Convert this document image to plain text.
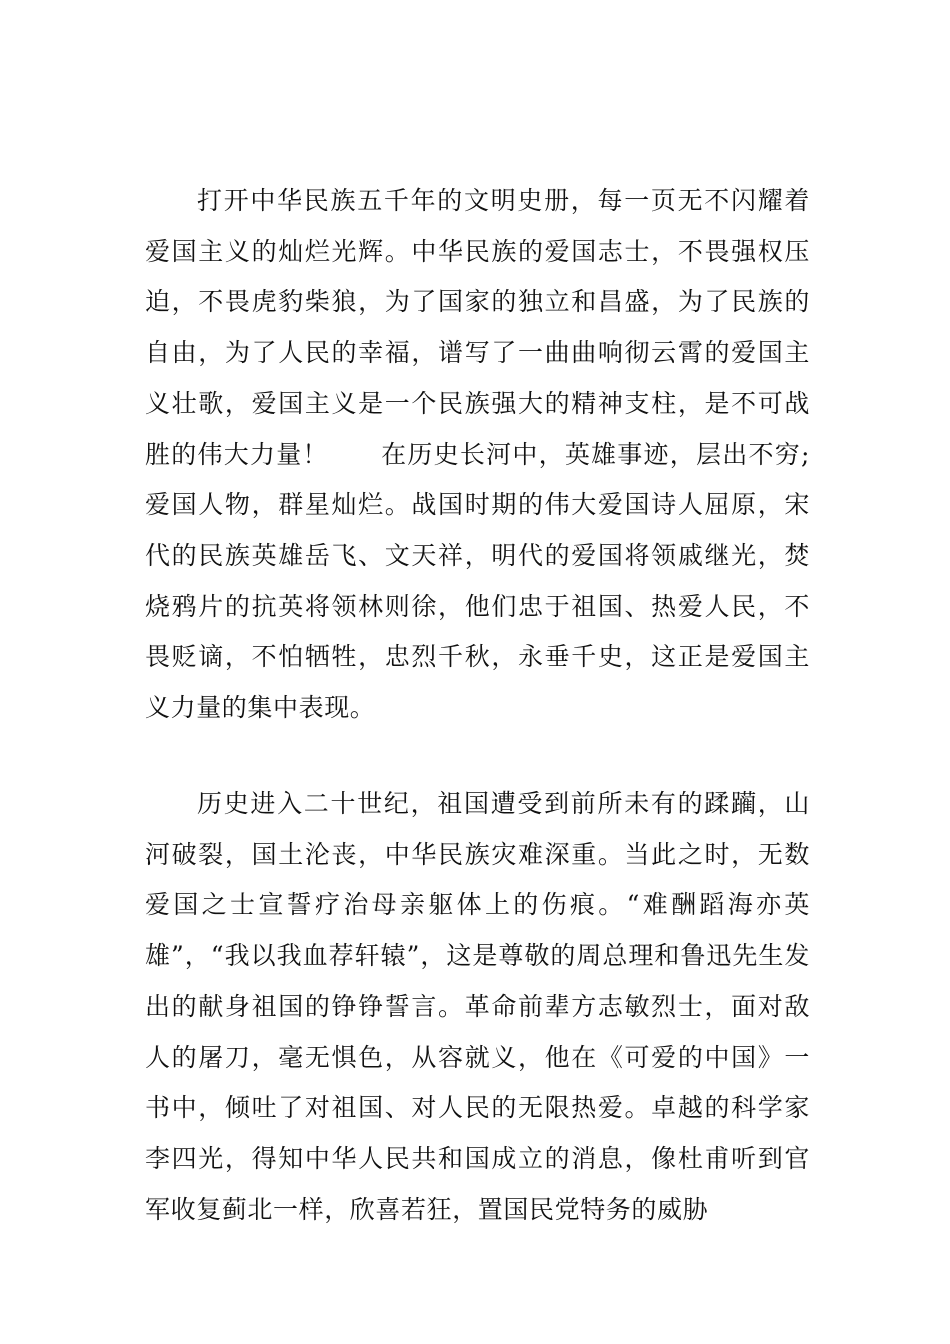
打开中华民族五千年的文明史册，每一页无不闪耀着爱国主义的灿烂光辉。中华民族的爱国志士，不畏强权压迫，不畏虎豹柴狼，为了国家的独立和昌盛，为了民族的自由，为了人民的幸福，谱写了一曲曲响彻云霄的爱国主义壮歌，爱国主义是一个民族强大的精神支柱，是不可战胜的伟大力量！　　在历史长河中，英雄事迹，层出不穷;爱国人物，群星灿烂。战国时期的伟大爱国诗人屈原，宋代的民族英雄岳飞、文天祥，明代的爱国将领戚继光，焚烧鸦片的抗英将领林则徐，他们忠于祖国、热爱人民，不畏贬谪，不怕牺牲，忠烈千秋，永垂千史，这正是爱国主义力量的集中表现。

历史进入二十世纪，祖国遭受到前所未有的蹂躏，山河破裂，国土沦丧，中华民族灾难深重。当此之时，无数爱国之士宣誓疗治母亲躯体上的伤痕。“难酬蹈海亦英雄”，“我以我血荐轩辕”，这是尊敬的周总理和鲁迅先生发出的献身祖国的铮铮誓言。革命前辈方志敏烈士，面对敌人的屠刀，毫无惧色，从容就义，他在《可爱的中国》一书中，倾吐了对祖国、对人民的无限热爱。卓越的科学家李四光，得知中华人民共和国成立的消息，像杜甫听到官军收复蓟北一样，欣喜若狂，置国民党特务的威胁
